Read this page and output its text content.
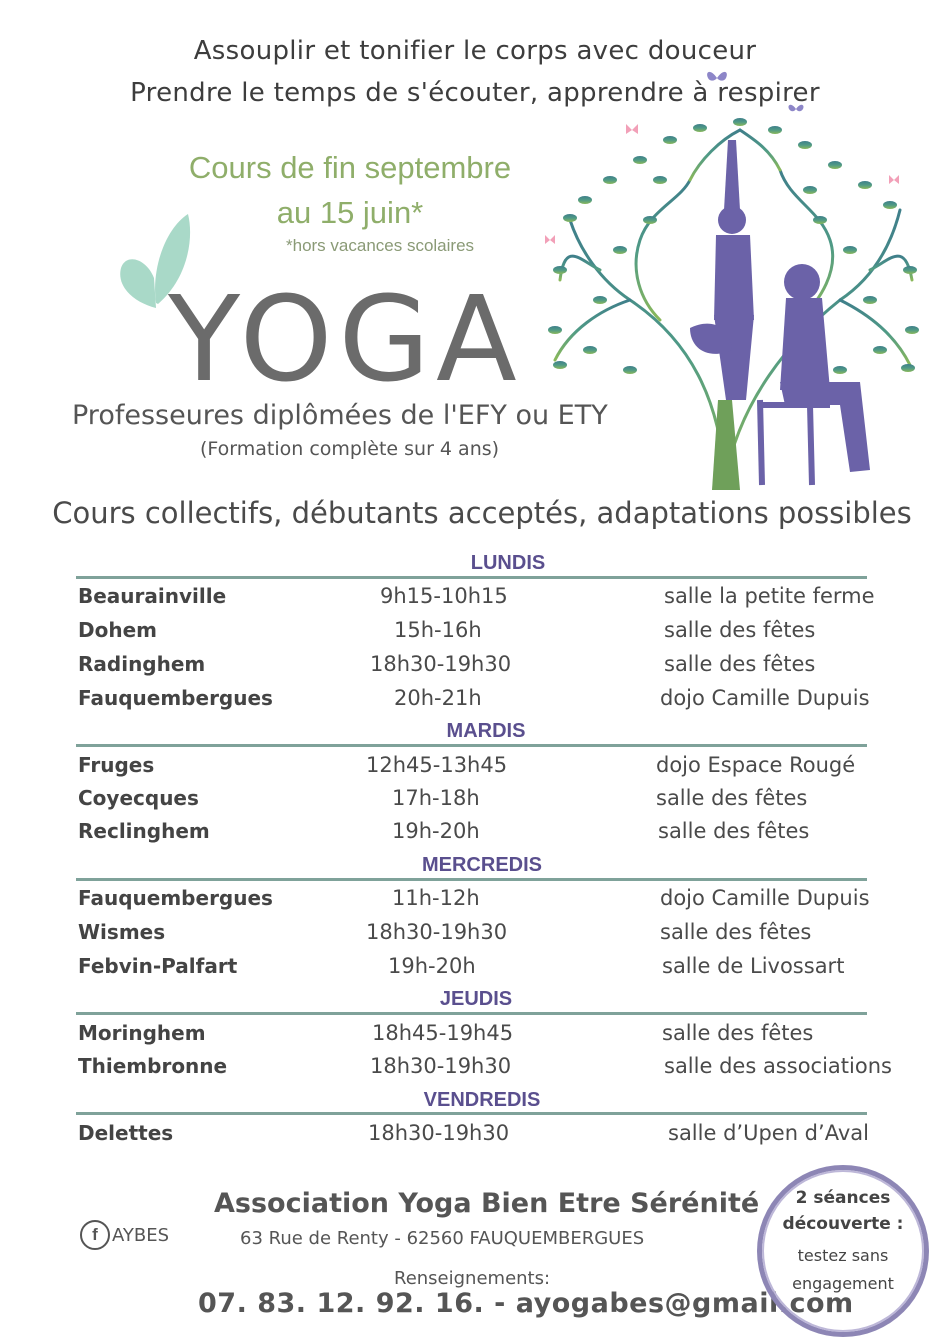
Assouplir et tonifier le corps avec douceur
Prendre le temps de s'écouter, apprendre à respirer
Cours de fin septembre
au 15 juin*
*hors vacances scolaires
YOGA
Professeures diplômées de l'EFY ou ETY
(Formation complète sur 4 ans)
Cours collectifs, débutants acceptés, adaptations possibles
LUNDIS
Beaurainville	9h15-10h15	salle la petite ferme
Dohem	15h-16h	salle des fêtes
Radinghem	18h30-19h30	salle des fêtes
Fauquembergues	20h-21h	dojo Camille Dupuis
MARDIS
Fruges	12h45-13h45	dojo Espace Rougé
Coyecques	17h-18h	salle des fêtes
Reclinghem	19h-20h	salle des fêtes
MERCREDIS
Fauquembergues	11h-12h	dojo Camille Dupuis
Wismes	18h30-19h30	salle des fêtes
Febvin-Palfart	19h-20h	salle de Livossart
JEUDIS
Moringhem	18h45-19h45	salle des fêtes
Thiembronne	18h30-19h30	salle des associations
VENDREDIS
Delettes	18h30-19h30	salle d’Upen d’Aval
f AYBES
Association Yoga Bien Etre Sérénité
63 Rue de Renty - 62560 FAUQUEMBERGUES
Renseignements:
07. 83. 12. 92. 16. - ayogabes@gmail.com
2 séances
découverte :
testez sans
engagement
